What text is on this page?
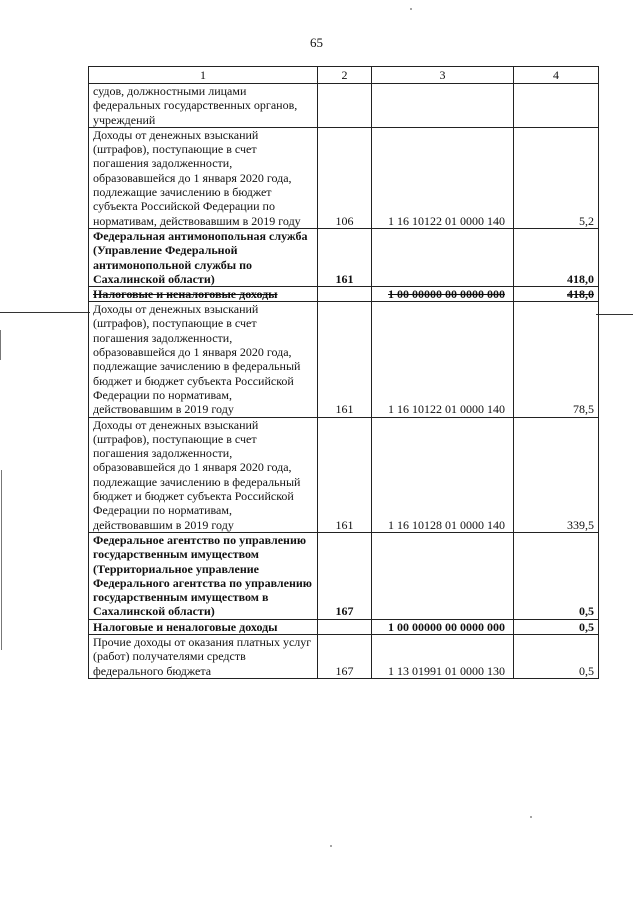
65
1	2	3	4
судов, должностными лицами федеральных государственных органов, учреждений			
Доходы от денежных взысканий (штрафов), поступающие в счет погашения задолженности, образовавшейся до 1 января 2020 года, подлежащие зачислению в бюджет субъекта Российской Федерации по нормативам, действовавшим в 2019 году	106	1 16 10122 01 0000 140	5,2
Федеральная антимонопольная служба (Управление Федеральной антимонопольной службы по Сахалинской области)	161		418,0
Налоговые и неналоговые доходы		1 00 00000 00 0000 000	418,0
Доходы от денежных взысканий (штрафов), поступающие в счет погашения задолженности, образовавшейся до 1 января 2020 года, подлежащие зачислению в федеральный бюджет и бюджет субъекта Российской Федерации по нормативам, действовавшим в 2019 году	161	1 16 10122 01 0000 140	78,5
Доходы от денежных взысканий (штрафов), поступающие в счет погашения задолженности, образовавшейся до 1 января 2020 года, подлежащие зачислению в федеральный бюджет и бюджет субъекта Российской Федерации по нормативам, действовавшим в 2019 году	161	1 16 10128 01 0000 140	339,5
Федеральное агентство по управлению государственным имуществом (Территориальное управление Федерального агентства по управлению государственным имуществом в Сахалинской области)	167		0,5
Налоговые и неналоговые доходы		1 00 00000 00 0000 000	0,5
Прочие доходы от оказания платных услуг (работ) получателями средств федерального бюджета	167	1 13 01991 01 0000 130	0,5
